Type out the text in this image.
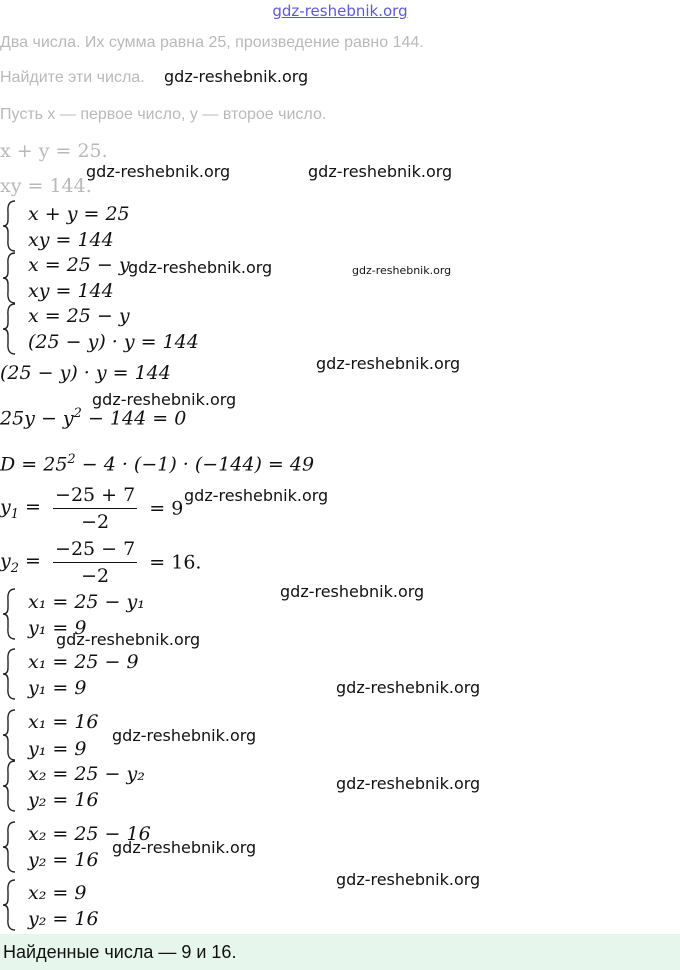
gdz-reshebnik.org
Два числа. Их сумма равна 25, произведение равно 144.
Найдите эти числа.
Пусть x — первое число, y — второе число.
x + y = 25.
xy = 144.
x + y = 25
xy = 144
x = 25 − y
xy = 144
x = 25 − y
(25 − y) · y = 144
(25 − y) · y = 144
$25y - y^2 - 144 = 0$
$D = 25^2 - 4 \cdot (-1) \cdot (-144) = 49$
$y_1 = \frac{-25 + 7}{-2} = 9$
$y_2 = \frac{-25 - 7}{-2} = 16$.
x₁ = 25 − y₁
y₁ = 9
x₁ = 25 − 9
y₁ = 9
x₁ = 16
y₁ = 9
x₂ = 25 − y₂
y₂ = 16
x₂ = 25 − 16
y₂ = 16
x₂ = 9
y₂ = 16
Найденные числа — 9 и 16.
gdz-reshebnik.org
gdz-reshebnik.org	gdz-reshebnik.org
gdz-reshebnik.org	gdz-reshebnik.org
gdz-reshebnik.org
gdz-reshebnik.org
gdz-reshebnik.org
gdz-reshebnik.org
gdz-reshebnik.org
gdz-reshebnik.org
gdz-reshebnik.org
gdz-reshebnik.org
gdz-reshebnik.org
gdz-reshebnik.org
